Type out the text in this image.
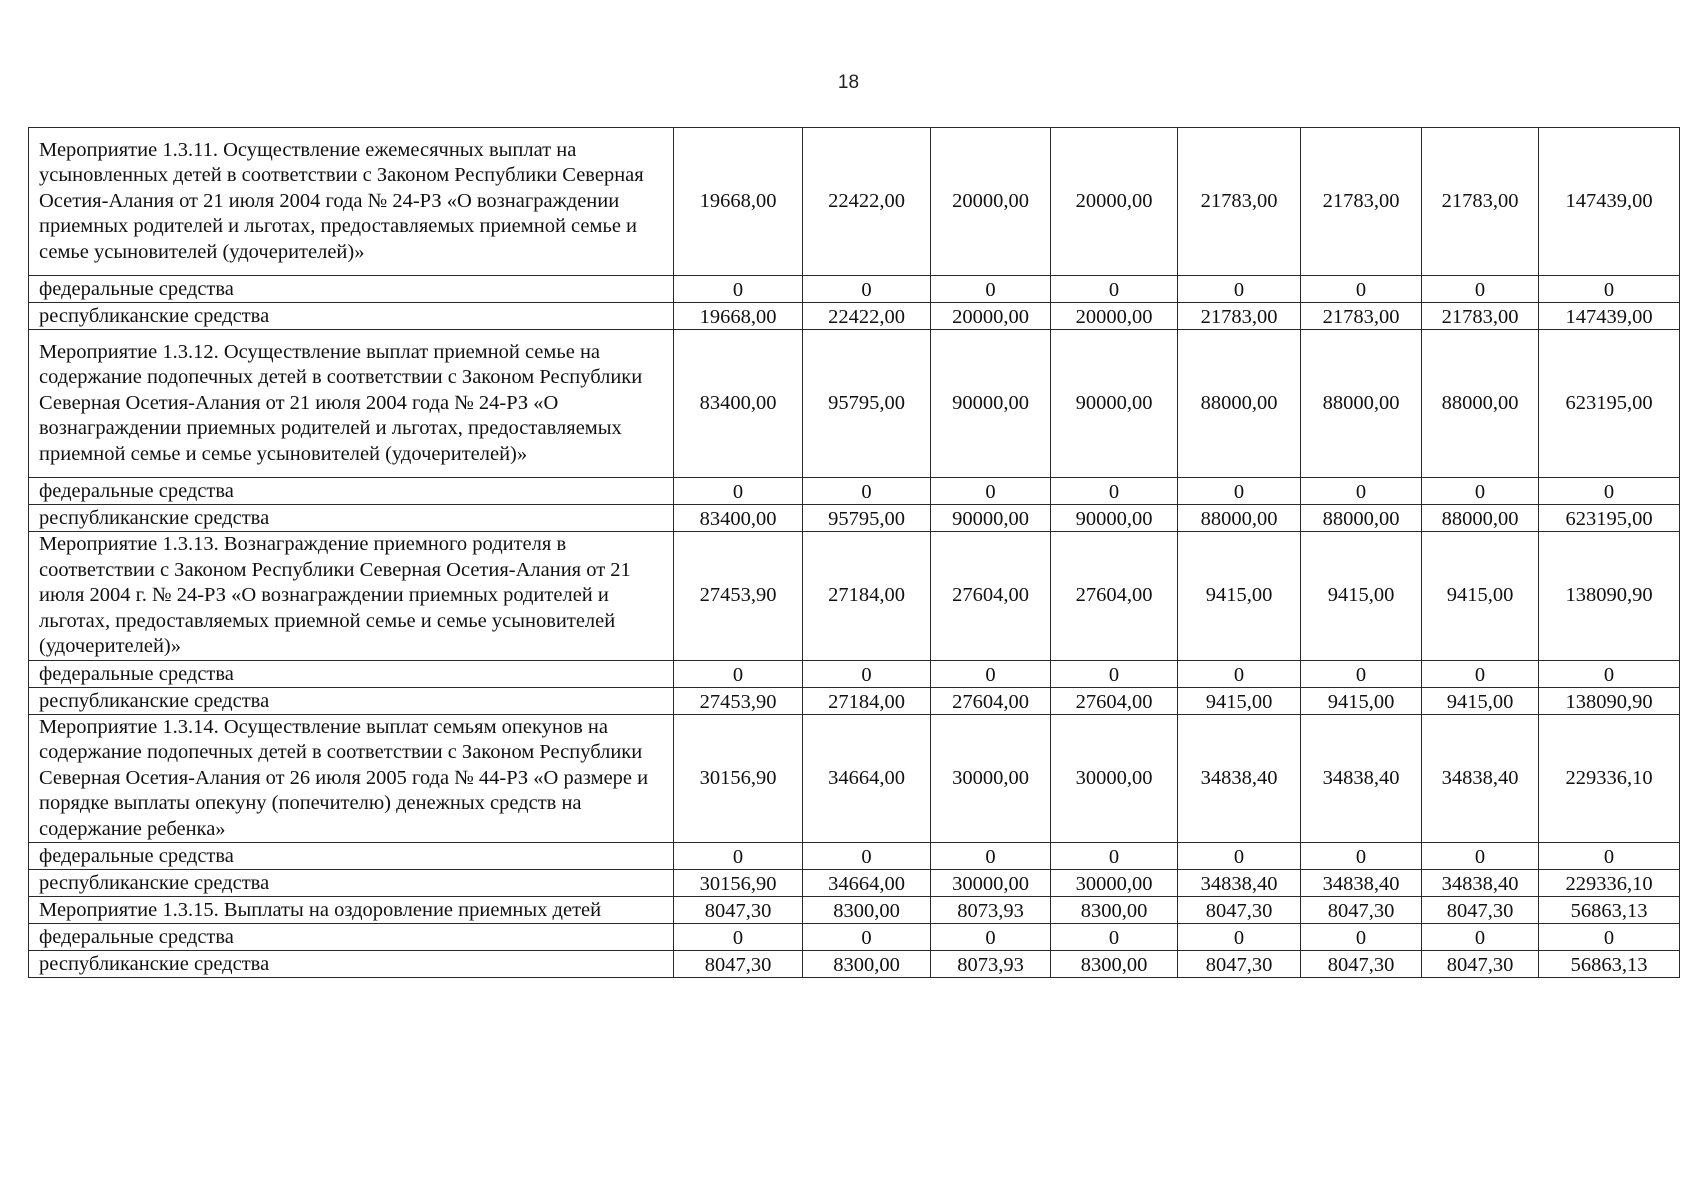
18
Мероприятие 1.3.11. Осуществление ежемесячных выплат на усыновленных детей в соответствии с Законом Республики Северная Осетия-Алания от 21 июля 2004 года № 24-РЗ «О вознаграждении приемных родителей и льготах, предоставляемых приемной семье и семье усыновителей (удочерителей)»	19668,00	22422,00	20000,00	20000,00	21783,00	21783,00	21783,00	147439,00
федеральные средства	0	0	0	0	0	0	0	0
республиканские средства	19668,00	22422,00	20000,00	20000,00	21783,00	21783,00	21783,00	147439,00
Мероприятие 1.3.12. Осуществление выплат приемной семье на содержание подопечных детей в соответствии с Законом Республики Северная Осетия-Алания от 21 июля 2004 года № 24-РЗ «О вознаграждении приемных родителей и льготах, предоставляемых приемной семье и семье усыновителей (удочерителей)»	83400,00	95795,00	90000,00	90000,00	88000,00	88000,00	88000,00	623195,00
федеральные средства	0	0	0	0	0	0	0	0
республиканские средства	83400,00	95795,00	90000,00	90000,00	88000,00	88000,00	88000,00	623195,00
Мероприятие 1.3.13. Вознаграждение приемного родителя в соответствии с Законом Республики Северная Осетия-Алания от 21 июля 2004 г. № 24-РЗ «О вознаграждении приемных родителей и льготах, предоставляемых приемной семье и семье усыновителей (удочерителей)»	27453,90	27184,00	27604,00	27604,00	9415,00	9415,00	9415,00	138090,90
федеральные средства	0	0	0	0	0	0	0	0
республиканские средства	27453,90	27184,00	27604,00	27604,00	9415,00	9415,00	9415,00	138090,90
Мероприятие 1.3.14. Осуществление выплат семьям опекунов на содержание подопечных детей в соответствии с Законом Республики Северная Осетия-Алания от 26 июля 2005 года № 44-РЗ «О размере и порядке выплаты опекуну (попечителю) денежных средств на содержание ребенка»	30156,90	34664,00	30000,00	30000,00	34838,40	34838,40	34838,40	229336,10
федеральные средства	0	0	0	0	0	0	0	0
республиканские средства	30156,90	34664,00	30000,00	30000,00	34838,40	34838,40	34838,40	229336,10
Мероприятие 1.3.15. Выплаты на оздоровление приемных детей	8047,30	8300,00	8073,93	8300,00	8047,30	8047,30	8047,30	56863,13
федеральные средства	0	0	0	0	0	0	0	0
республиканские средства	8047,30	8300,00	8073,93	8300,00	8047,30	8047,30	8047,30	56863,13
